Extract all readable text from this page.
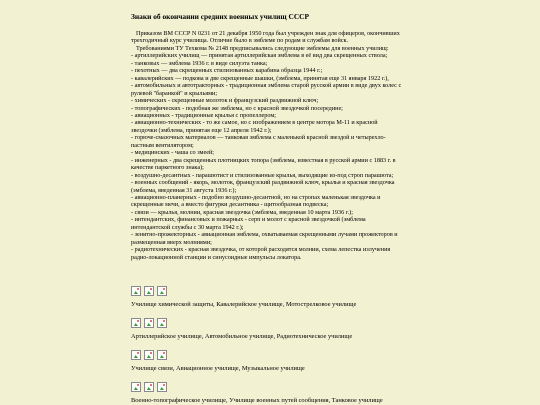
Знаки об окончании средних военных училищ СССР
Приказом ВМ СССР N 0231 от 21 декабря 1950 года был учрежден знак для офицеров, окончивших
трехгодичный курс училища. Отличие было в эмблеме по родам и службам войск.
Требованиями ТУ Техкома № 2148 предписывались следующие эмблемы для военных училищ:
- артиллерийских училищ — принятая артиллерийская эмблема в её вид два скрещенных ствола;
- танковых — эмблема 1936 г. в виде силуэта танка;
- пехотных — два скрещенных стилизованных карабина образца 1944 г.;
- кавалерийских — подкова и две скрещенные шашки, (эмблема, принятая еще 31 января 1922 г.),
- автомобильных и автотракторных - традиционная эмблема старой русской армии в виде двух колес с
рулевой "баранкой" и крыльями;
- химических - скрещенные молоток и французский раздвижной ключ;
- топографических - подобная же эмблема, но с красной звездочкой посередине;
- авиационных - традиционные крылья с пропеллером;
- авиационно-технических - то же самое, но с изображением в центре мотора М-11 и красной
звездочки (эмблема, принятая еще 12 апреля 1942 г.);
- горюче-смазочных материалов — танковая эмблема с маленькой красной звездой и четырехло-
пастным вентилятором;
- медицинских - чаша со змеей;
- инженерных - два скрещенных плотницких топора (эмблема, известная в русской армии с 1883 г. в
качестве паркетного знака);
- воздушно-десантных - парашютист и стилизованные крылья, выходящие из-под строп парашюта;
- военных сообщений - якорь, молоток, французский раздвижной ключ, крылья и красная звездочка
(эмблема, введенная 31 августа 1936 г.);
- авиационно-планерных - подобно воздушно-десантной, но на стропах маленькая звездочка и
скрещенные мечи, а вместо фигурки десантника - щитообразная подвеска;
- связи — крылья, молнии, красная звездочка (эмблема, введенная 10 марта 1936 г.);
- интендантских, финансовых и пожарных - серп и молот с красной звездочкой (эмблема
интендантской службы с 30 марта 1942 г.);
- зенитно-прожекторных - авиационная эмблема, охватываемая скрещенными лучами прожекторов и
размещенная вверх молниями;
- радиотехнических - красная звездочка, от которой расходятся молнии, схема лепестка излучения
радио-локационной станции и синусоидные импульсы локатора.
Училище химической защиты, Кавалерийское училище, Мотострелковое училище
Артиллерийское училище, Автомобильное училище, Радиотехническое училище
Училище связи, Авиационное училище, Музыкальное училище
Военно-топографическое училище, Училище военных путей сообщения, Танковое училище
